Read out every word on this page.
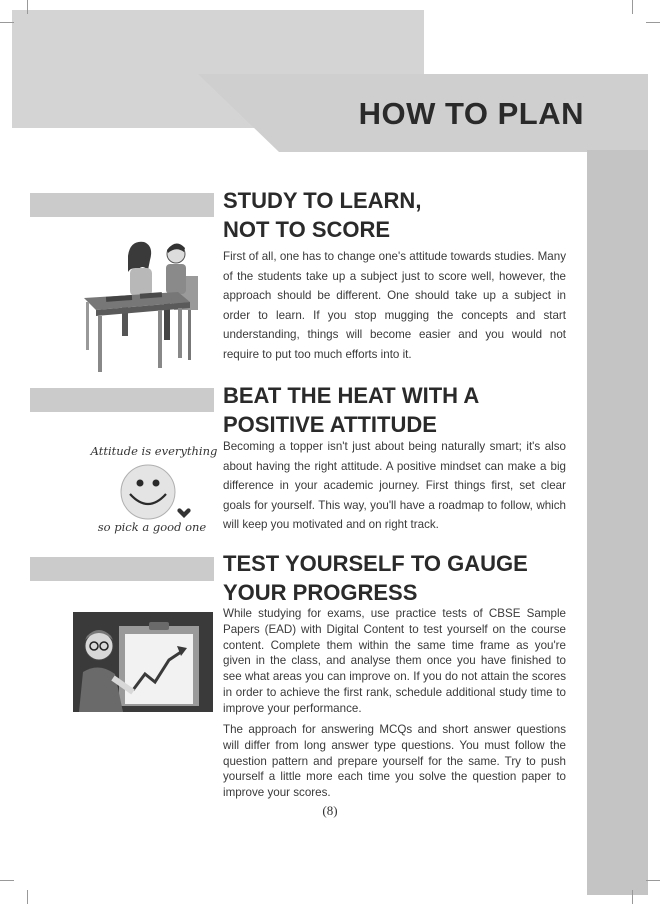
HOW TO PLAN
STUDY TO LEARN,
NOT TO SCORE
First of all, one has to change one's attitude towards studies. Many of the students take up a subject just to score well, however, the approach should be different. One should take up a subject in order to learn. If you stop mugging the concepts and start understanding, things will become easier and you would not require to put too much efforts into it.
BEAT THE HEAT WITH A
POSITIVE ATTITUDE
Attitude is everything
so pick a good one
Becoming a topper isn't just about being naturally smart; it's also about having the right attitude. A positive mindset can make a big difference in your academic journey. First things first, set clear goals for yourself. This way, you'll have a roadmap to follow, which will keep you motivated and on right track.
TEST YOURSELF TO GAUGE
YOUR PROGRESS
While studying for exams, use practice tests of CBSE Sample Papers (EAD) with Digital Content to test yourself on the course content. Complete them within the same time frame as you're given in the class, and analyse them once you have finished to see what areas you can improve on. If you do not attain the scores in order to achieve the first rank, schedule additional study time to improve your performance.
The approach for answering MCQs and short answer questions will differ from long answer type questions. You must follow the question pattern and prepare yourself for the same. Try to push yourself a little more each time you solve the question paper to improve your scores.
(8)
